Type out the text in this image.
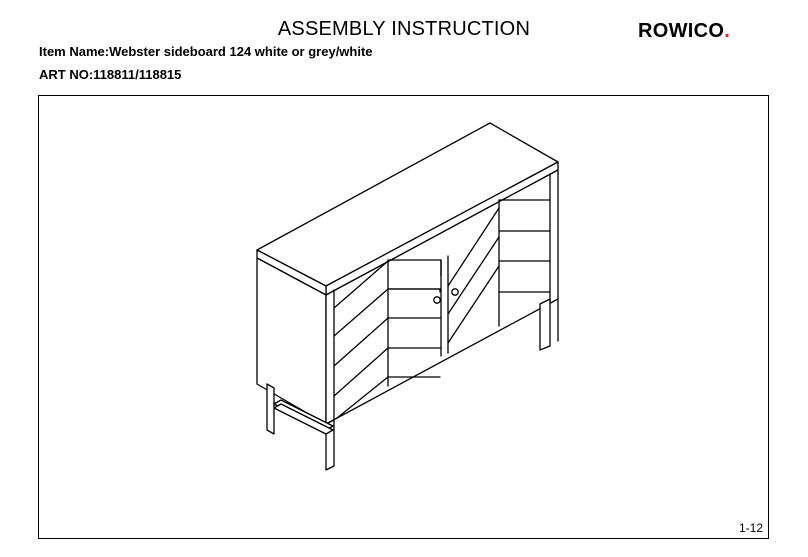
ASSEMBLY INSTRUCTION	ROWICO.
Item Name:Webster sideboard 124 white or grey/white
ART NO:118811/118815
1-12
